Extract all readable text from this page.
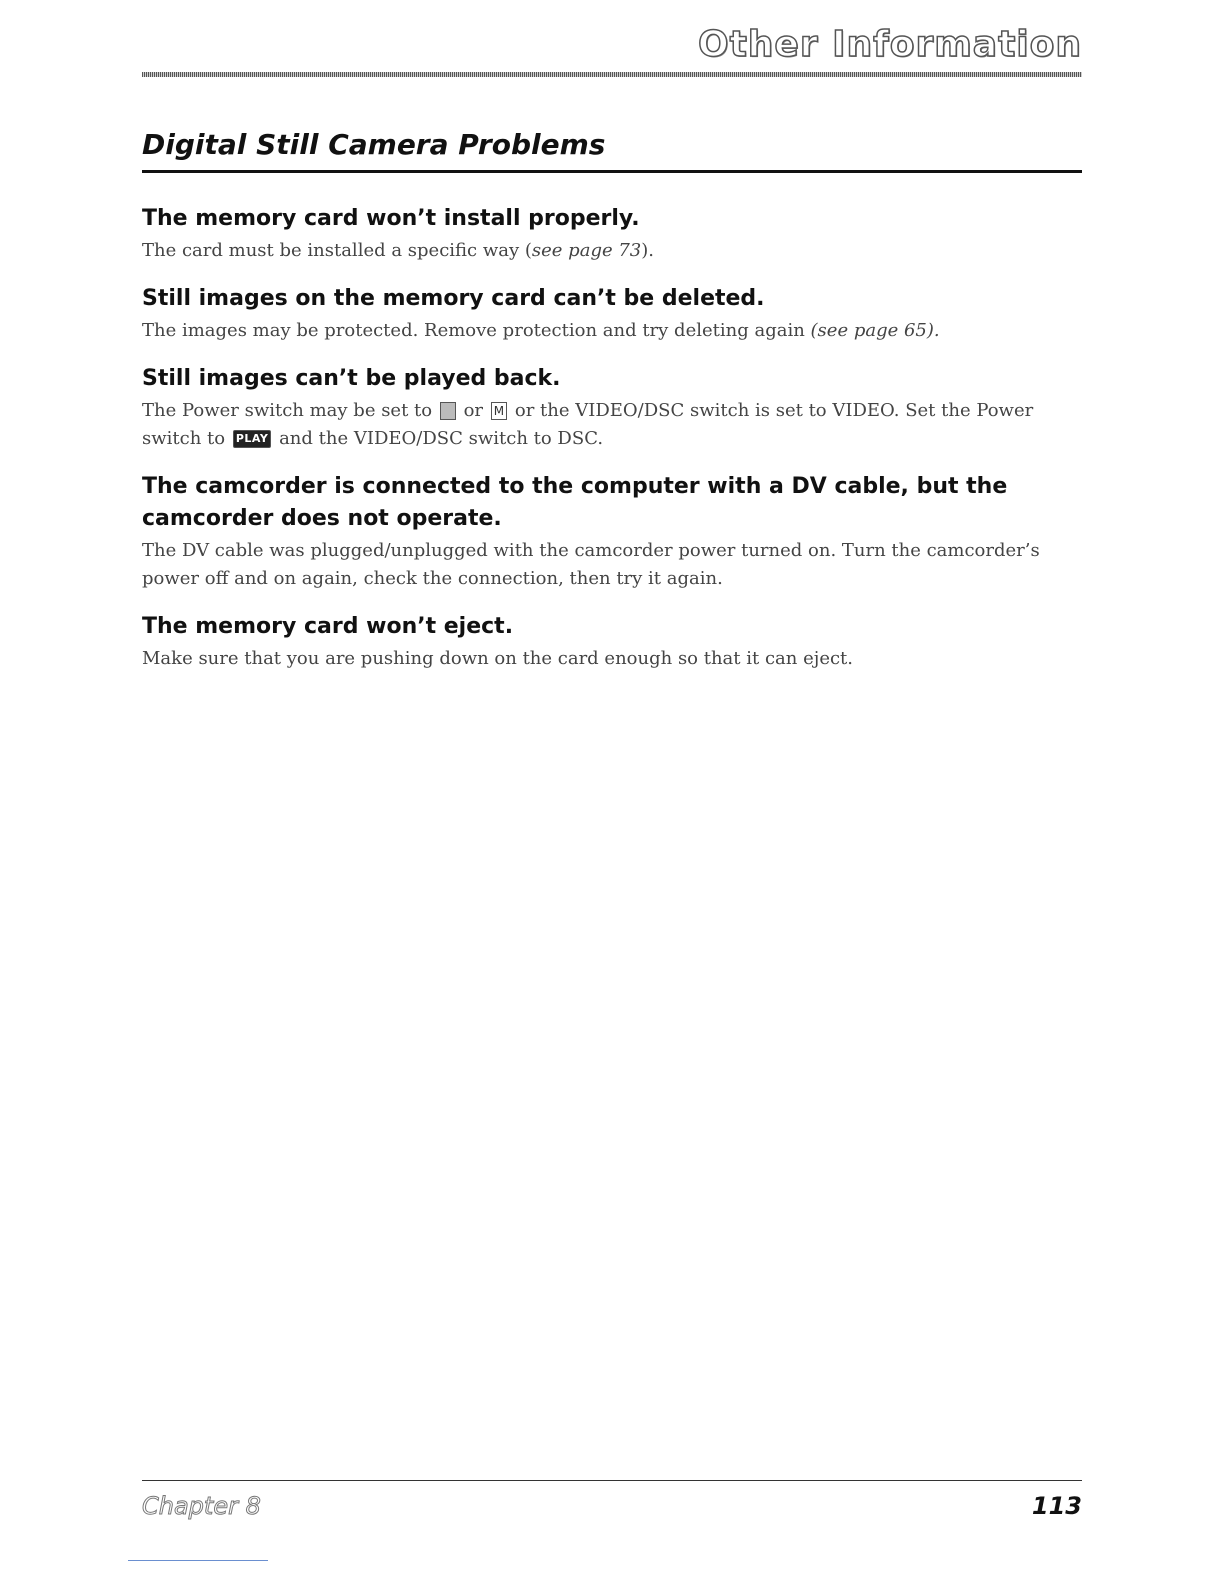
Other Information
Digital Still Camera Problems

The memory card won’t install properly.

The card must be installed a specific way (see page 73).

Still images on the memory card can’t be deleted.

The images may be protected. Remove protection and try deleting again (see page 65).

Still images can’t be played back.

The Power switch may be set to A or M or the VIDEO/DSC switch is set to VIDEO. Set the Power switch to PLAY and the VIDEO/DSC switch to DSC.

The camcorder is connected to the computer with a DV cable, but the camcorder does not operate.

The DV cable was plugged/unplugged with the camcorder power turned on. Turn the camcorder’s power off and on again, check the connection, then try it again.

The memory card won’t eject.

Make sure that you are pushing down on the card enough so that it can eject.

Chapter 8	113
